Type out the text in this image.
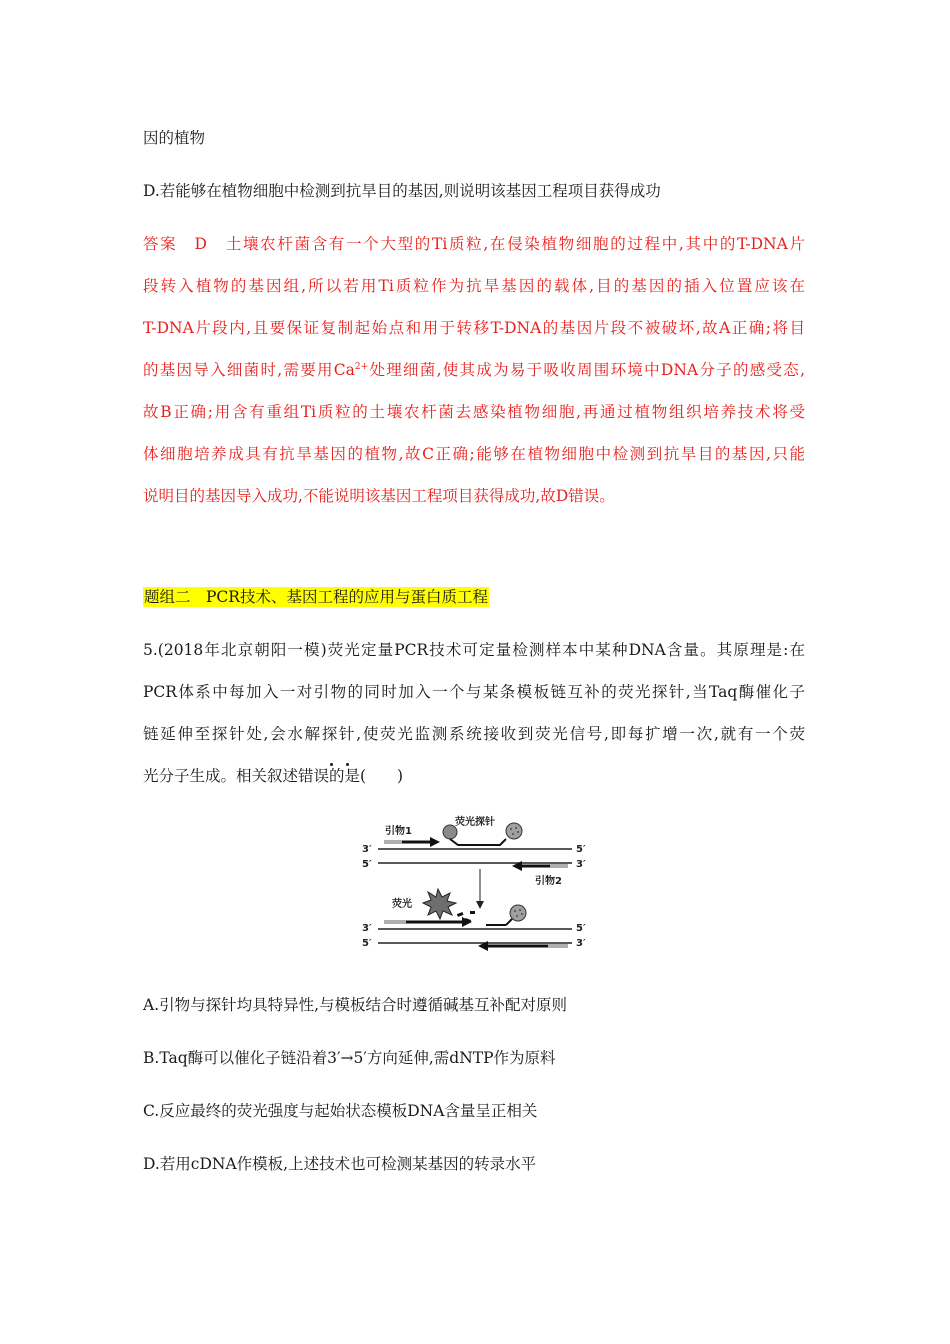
因的植物
D.若能够在植物细胞中检测到抗旱目的基因,则说明该基因工程项目获得成功
答案　D　土壤农杆菌含有一个大型的Ti质粒,在侵染植物细胞的过程中,其中的T-DNA片
段转入植物的基因组,所以若用Ti质粒作为抗旱基因的载体,目的基因的插入位置应该在
T-DNA片段内,且要保证复制起始点和用于转移T-DNA的基因片段不被破坏,故A正确;将目
的基因导入细菌时,需要用$Ca^{2+}$处理细菌,使其成为易于吸收周围环境中DNA分子的感受态,
故B正确;用含有重组Ti质粒的土壤农杆菌去感染植物细胞,再通过植物组织培养技术将受
体细胞培养成具有抗旱基因的植物,故C正确;能够在植物细胞中检测到抗旱目的基因,只能
说明目的基因导入成功,不能说明该基因工程项目获得成功,故D错误。
题组二　PCR技术、基因工程的应用与蛋白质工程
5.(2018年北京朝阳一模)荧光定量PCR技术可定量检测样本中某种DNA含量。其原理是:在
PCR体系中每加入一对引物的同时加入一个与某条模板链互补的荧光探针,当Taq酶催化子
链延伸至探针处,会水解探针,使荧光监测系统接收到荧光信号,即每扩增一次,就有一个荧
光分子生成。相关叙述错误的是(　　)
引物1
荧光探针
3′
5′
5′
3′
引物2
荧光
3′
5′
5′
3′
A.引物与探针均具特异性,与模板结合时遵循碱基互补配对原则
B.Taq酶可以催化子链沿着3′→5′方向延伸,需dNTP作为原料
C.反应最终的荧光强度与起始状态模板DNA含量呈正相关
D.若用cDNA作模板,上述技术也可检测某基因的转录水平
